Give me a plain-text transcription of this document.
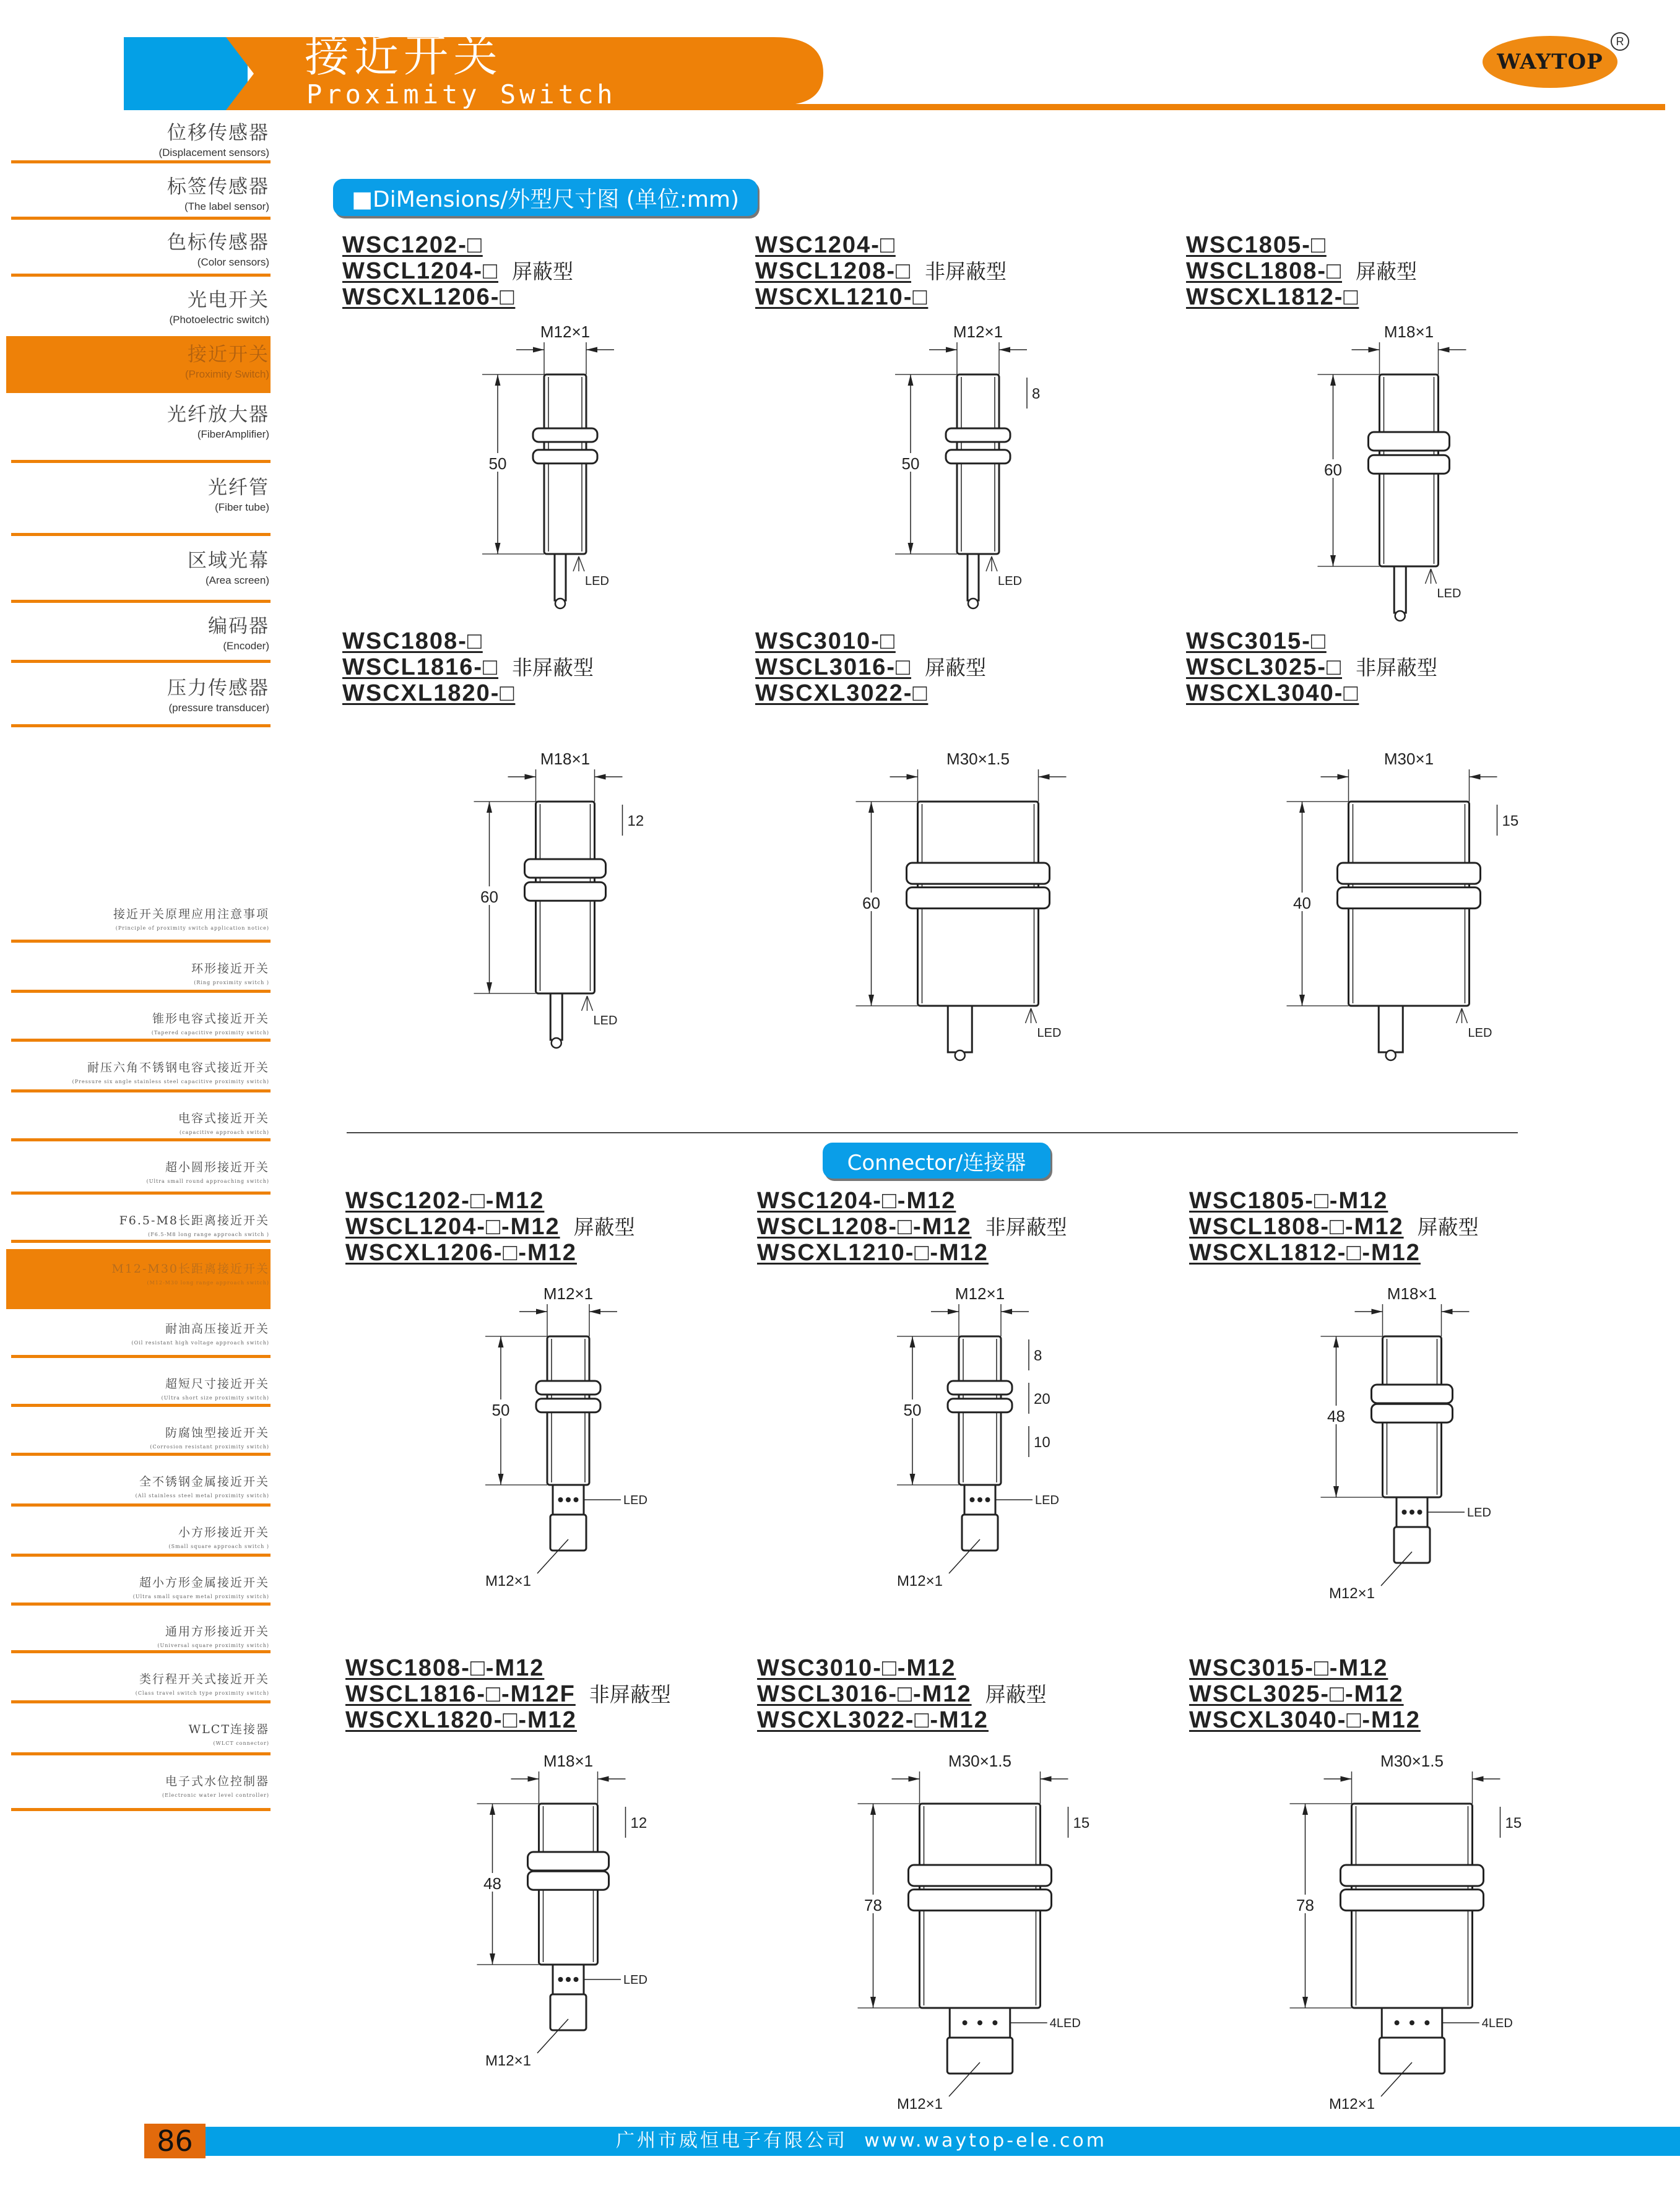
接近开关
Proximity Switch
WAYTOP
R
位移传感器
(Displacement sensors)
标签传感器
(The label sensor)
色标传感器
(Color sensors)
光电开关
(Photoelectric switch)
接近开关
(Proximity Switch)
光纤放大器
(FiberAmplifier)
光纤管
(Fiber tube)
区域光幕
(Area screen)
编码器
(Encoder)
压力传感器
(pressure transducer)
接近开关原理应用注意事项
(Principle of proximity switch application notice)
环形接近开关
(Ring proximity switch )
锥形电容式接近开关
(Tapered capacitive proximity switch)
耐压六角不锈钢电容式接近开关
(Pressure six angle stainless steel capacitive proximity switch)
电容式接近开关
(capacitive approach switch)
超小圆形接近开关
(Ultra small round approaching switch)
F6.5-M8长距离接近开关
(F6.5-M8 long range approach switch )
M12-M30长距离接近开关
(M12-M30 long range approach switch)
耐油高压接近开关
(Oil resistant high voltage approach switch)
超短尺寸接近开关
(Ultra short size proximity switch)
防腐蚀型接近开关
(Corrosion resistant proximity switch)
全不锈钢金属接近开关
(All stainless steel metal proximity switch)
小方形接近开关
(Small square approach switch )
超小方形金属接近开关
(Ultra small square metal proximity switch)
通用方形接近开关
(Universal square proximity switch)
类行程开关式接近开关
(Class travel switch type proximity switch)
WLCT连接器
(WLCT connector)
电子式水位控制器
(Electronic water level controller)
■DiMensions/外型尺寸图 (单位:mm)
Connector/连接器
WSC1202-□
WSCL1204-□ 屏蔽型
WSCXL1206-□
M12×1
50
LED
WSC1204-□
WSCL1208-□ 非屏蔽型
WSCXL1210-□
M12×1
50
8
LED
WSC1805-□
WSCL1808-□ 屏蔽型
WSCXL1812-□
M18×1
60
LED
WSC1808-□
WSCL1816-□ 非屏蔽型
WSCXL1820-□
M18×1
60
12
LED
WSC3010-□
WSCL3016-□ 屏蔽型
WSCXL3022-□
M30×1.5
60
LED
WSC3015-□
WSCL3025-□ 非屏蔽型
WSCXL3040-□
M30×1
40
15
LED
WSC1202-□-M12
WSCL1204-□-M12 屏蔽型
WSCXL1206-□-M12
M12×1
50
LED
M12×1
WSC1204-□-M12
WSCL1208-□-M12 非屏蔽型
WSCXL1210-□-M12
M12×1
50
8
20
10
LED
M12×1
WSC1805-□-M12
WSCL1808-□-M12 屏蔽型
WSCXL1812-□-M12
M18×1
48
LED
M12×1
WSC1808-□-M12
WSCL1816-□-M12F 非屏蔽型
WSCXL1820-□-M12
M18×1
48
12
LED
M12×1
WSC3010-□-M12
WSCL3016-□-M12 屏蔽型
WSCXL3022-□-M12
M30×1.5
78
15
4LED
M12×1
WSC3015-□-M12
WSCL3025-□-M12
WSCXL3040-□-M12
M30×1.5
78
15
4LED
M12×1
86	广州市威恒电子有限公司  www.waytop-ele.com
